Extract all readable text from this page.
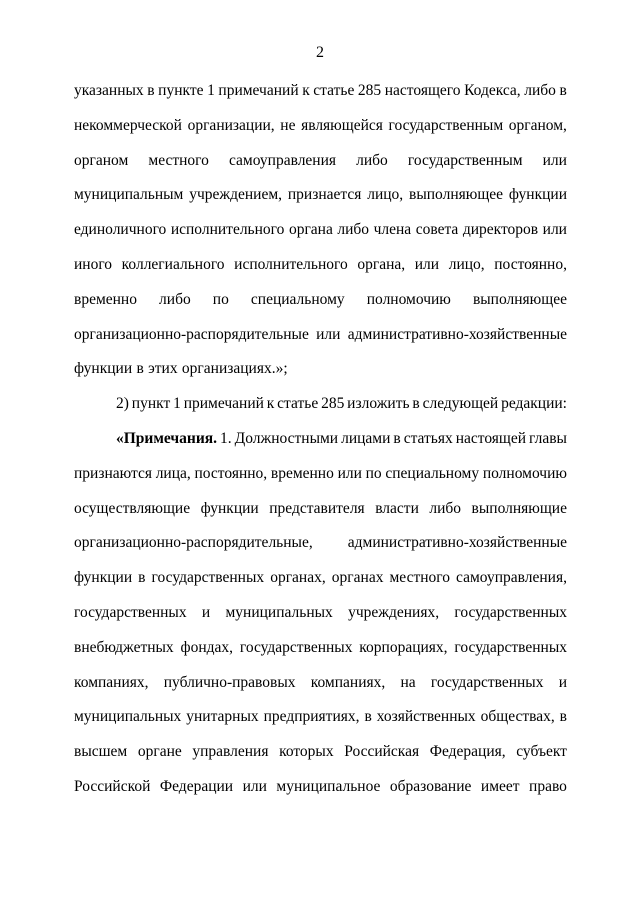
2
указанных в пункте 1 примечаний к статье 285 настоящего Кодекса, либо в
некоммерческой организации, не являющейся государственным органом,
органом местного самоуправления либо государственным или
муниципальным учреждением, признается лицо, выполняющее функции
единоличного исполнительного органа либо члена совета директоров или
иного коллегиального исполнительного органа, или лицо, постоянно,
временно либо по специальному полномочию выполняющее
организационно-распорядительные или административно-хозяйственные
функции в этих организациях.»;
2) пункт 1 примечаний к статье 285 изложить в следующей редакции:
«Примечания. 1. Должностными лицами в статьях настоящей главы
признаются лица, постоянно, временно или по специальному полномочию
осуществляющие функции представителя власти либо выполняющие
организационно-распорядительные, административно-хозяйственные
функции в государственных органах, органах местного самоуправления,
государственных и муниципальных учреждениях, государственных
внебюджетных фондах, государственных корпорациях, государственных
компаниях, публично-правовых компаниях, на государственных и
муниципальных унитарных предприятиях, в хозяйственных обществах, в
высшем органе управления которых Российская Федерация, субъект
Российской Федерации или муниципальное образование имеет право
